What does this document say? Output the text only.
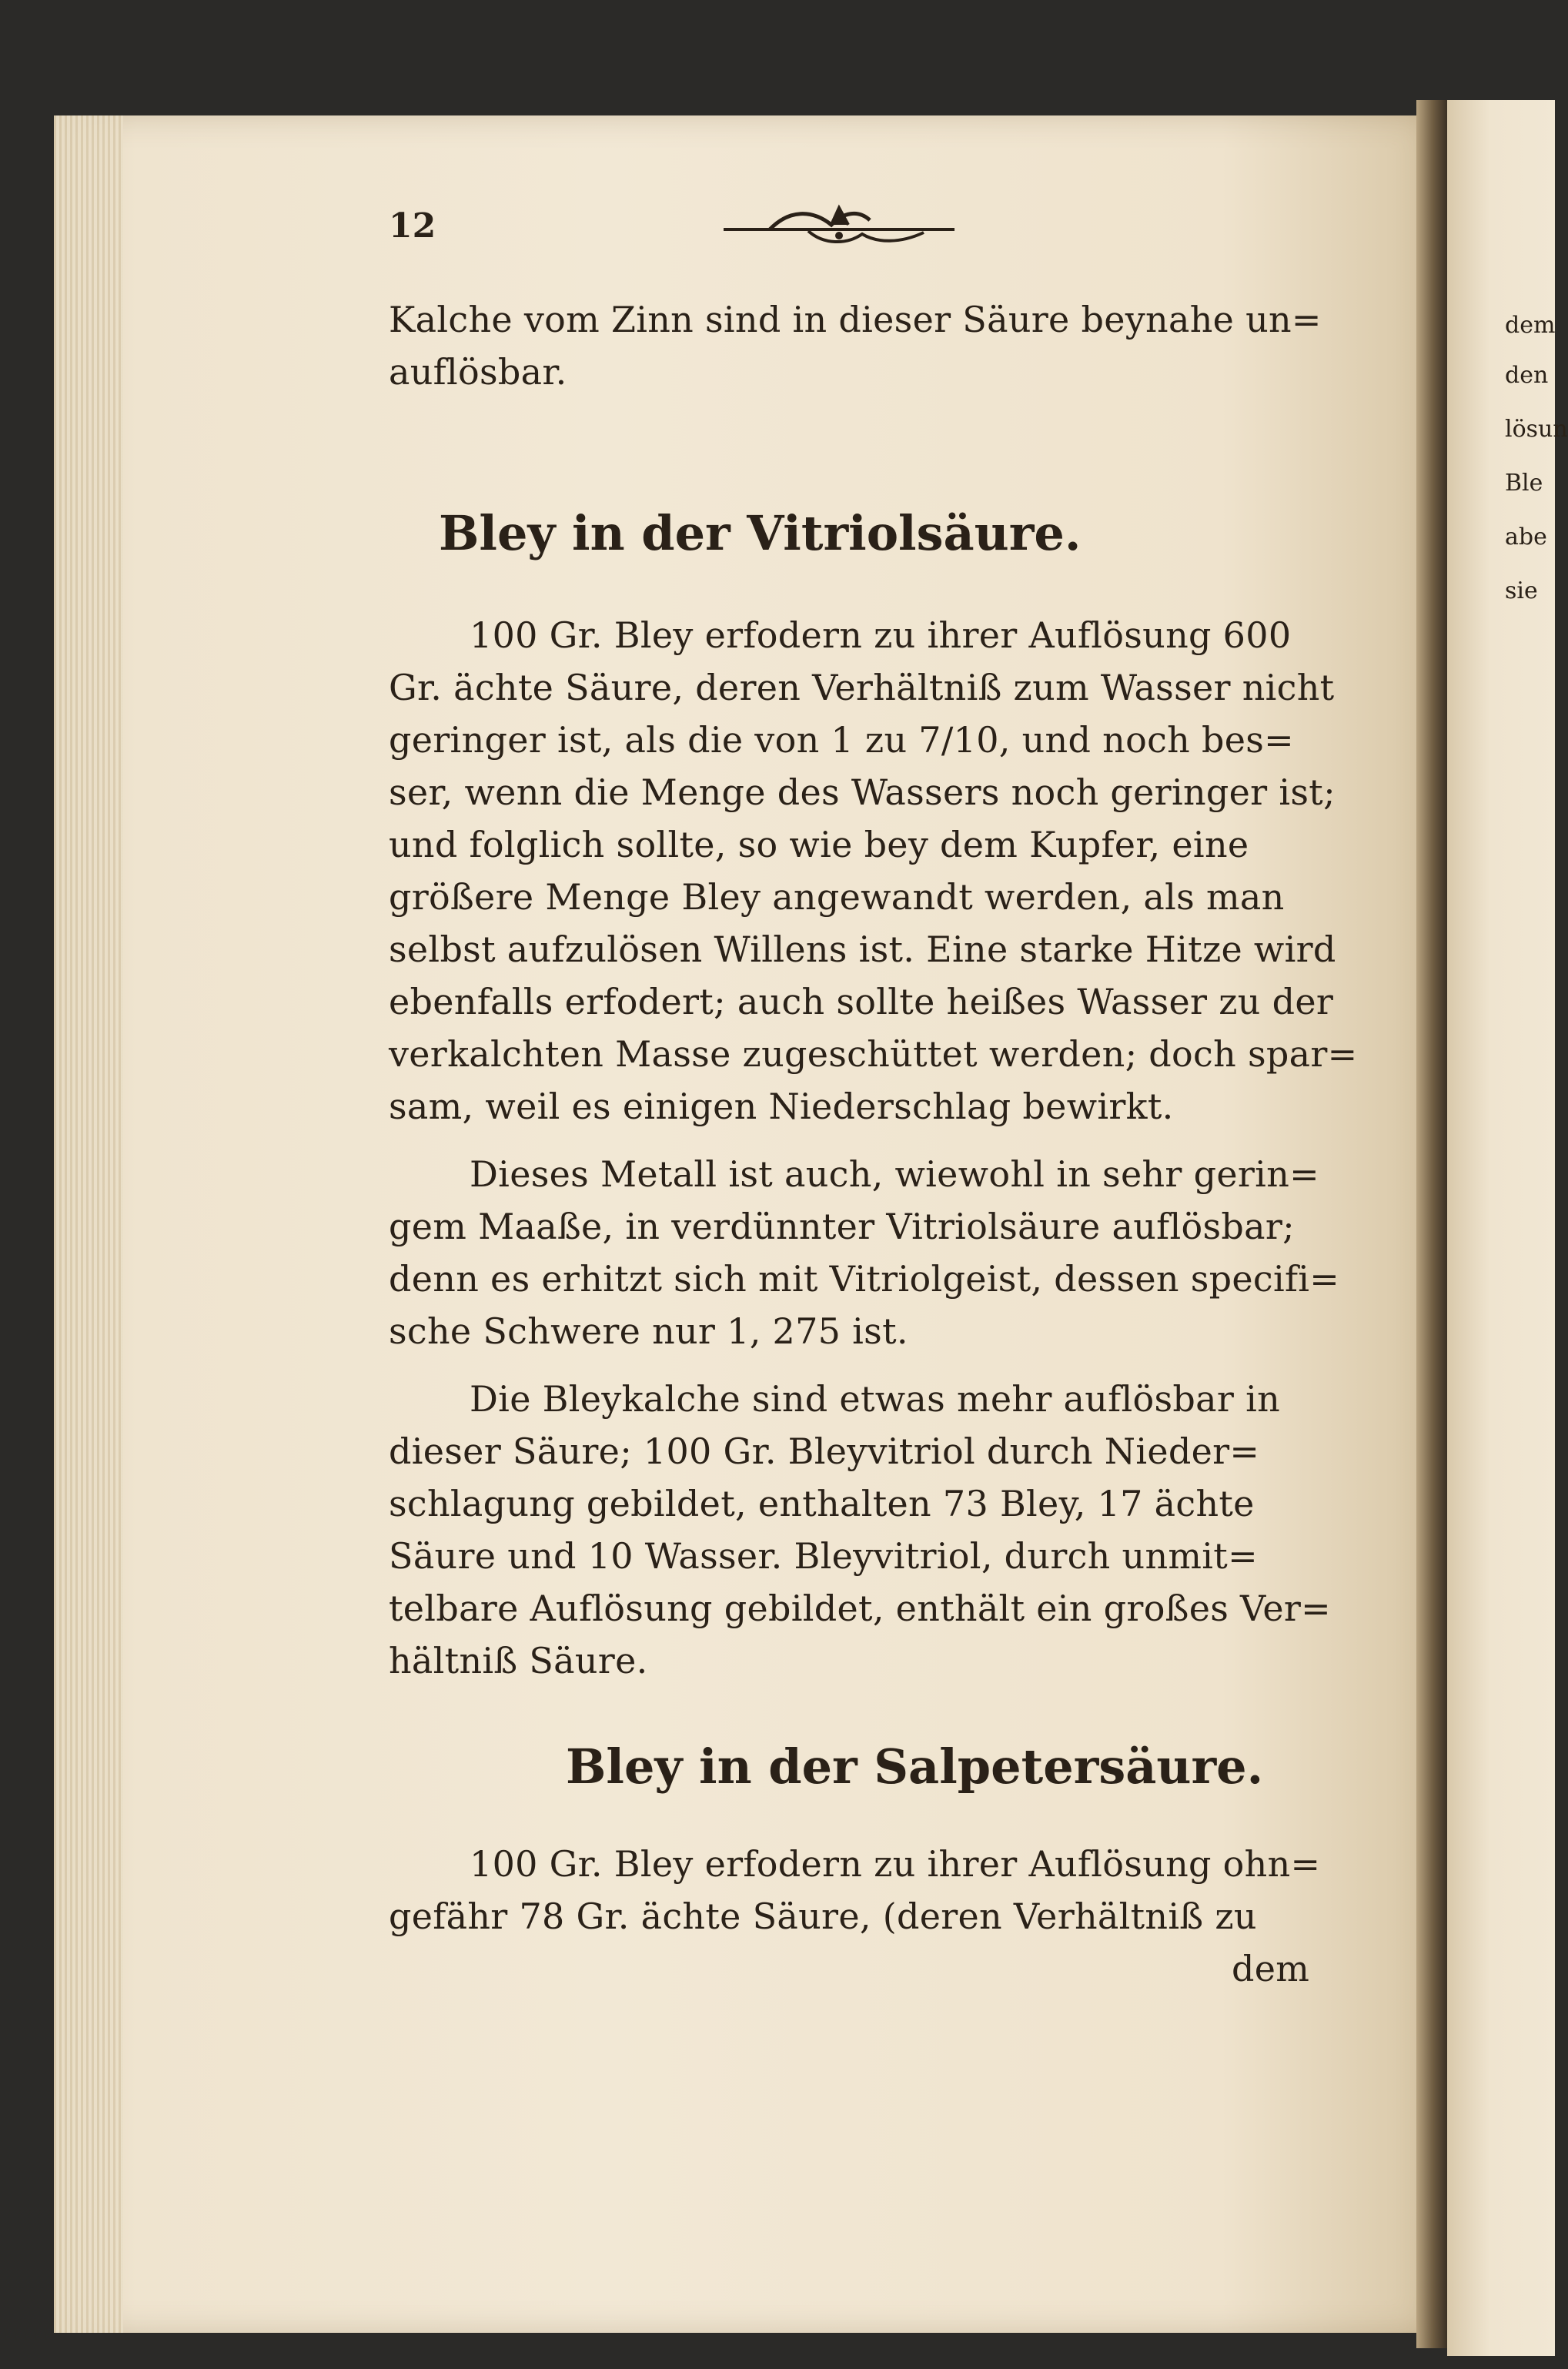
12
Kalche vom Zinn sind in dieser Säure beynahe un=
auflösbar.
Bley in der Vitriolsäure.
100 Gr. Bley erfodern zu ihrer Auflösung 600
Gr. ächte Säure, deren Verhältniß zum Wasser nicht
geringer ist, als die von 1 zu 7/10, und noch bes=
ser, wenn die Menge des Wassers noch geringer ist;
und folglich sollte, so wie bey dem Kupfer, eine
größere Menge Bley angewandt werden, als man
selbst aufzulösen Willens ist. Eine starke Hitze wird
ebenfalls erfodert; auch sollte heißes Wasser zu der
verkalchten Masse zugeschüttet werden; doch spar=
sam, weil es einigen Niederschlag bewirkt.
Dieses Metall ist auch, wiewohl in sehr gerin=
gem Maaße, in verdünnter Vitriolsäure auflösbar;
denn es erhitzt sich mit Vitriolgeist, dessen specifi=
sche Schwere nur 1, 275 ist.
Die Bleykalche sind etwas mehr auflösbar in
dieser Säure; 100 Gr. Bleyvitriol durch Nieder=
schlagung gebildet, enthalten 73 Bley, 17 ächte
Säure und 10 Wasser. Bleyvitriol, durch unmit=
telbare Auflösung gebildet, enthält ein großes Ver=
hältniß Säure.
Bley in der Salpetersäure.
100 Gr. Bley erfodern zu ihrer Auflösung ohn=
gefähr 78 Gr. ächte Säure, (deren Verhältniß zu
dem
dem
den
lösun
Ble
abe
sie
